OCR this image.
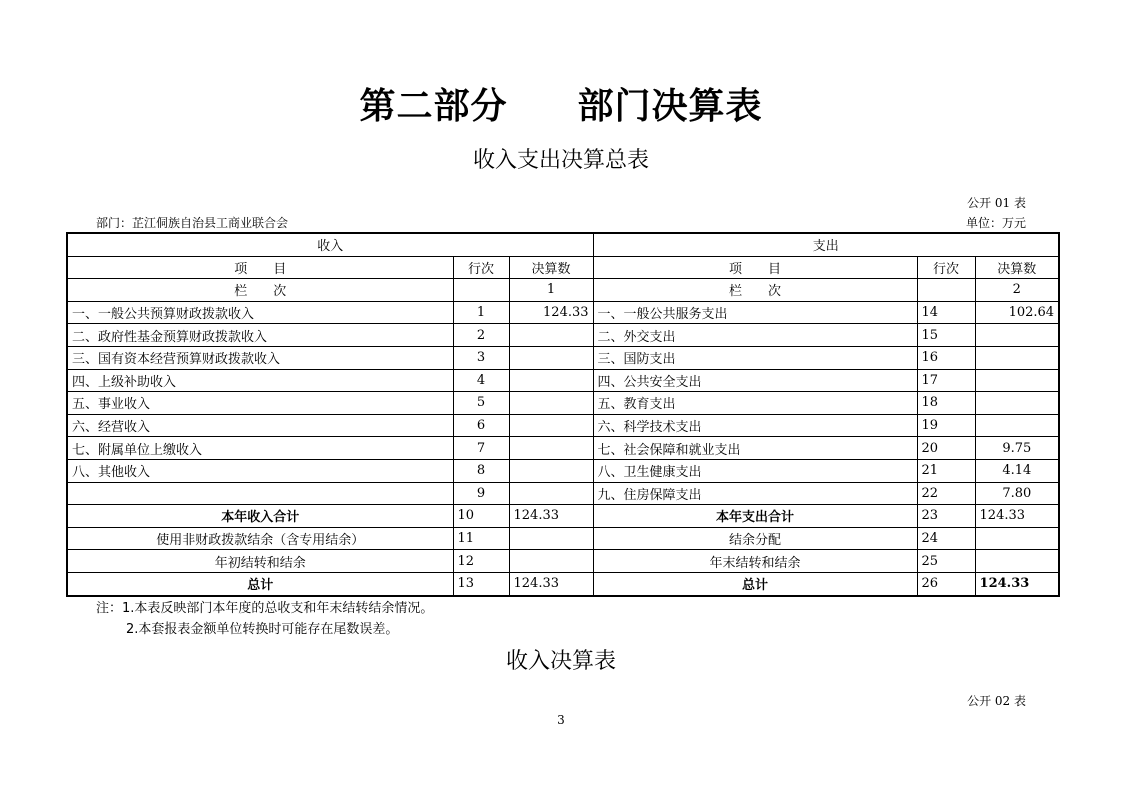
第二部分 部门决算表
收入支出决算总表
公开 01 表
部门：芷江侗族自治县工商业联合会	单位：万元
收入			支出		
项　　目	行次	决算数	项　　目	行次	决算数
栏　　次		1	栏　　次		2
一、一般公共预算财政拨款收入	1	124.33	一、一般公共服务支出	14	102.64
二、政府性基金预算财政拨款收入	2		二、外交支出	15	
三、国有资本经营预算财政拨款收入	3		三、国防支出	16	
四、上级补助收入	4		四、公共安全支出	17	
五、事业收入	5		五、教育支出	18	
六、经营收入	6		六、科学技术支出	19	
七、附属单位上缴收入	7		七、社会保障和就业支出	20	9.75
八、其他收入	8		八、卫生健康支出	21	4.14
	9		九、住房保障支出	22	7.80
本年收入合计	10	124.33	本年支出合计	23	124.33
使用非财政拨款结余（含专用结余）	11		结余分配	24	
年初结转和结余	12		年末结转和结余	25	
总计	13	124.33	总计	26	124.33
注：1.本表反映部门本年度的总收支和年末结转结余情况。
2.本套报表金额单位转换时可能存在尾数误差。
收入决算表
公开 02 表
3
